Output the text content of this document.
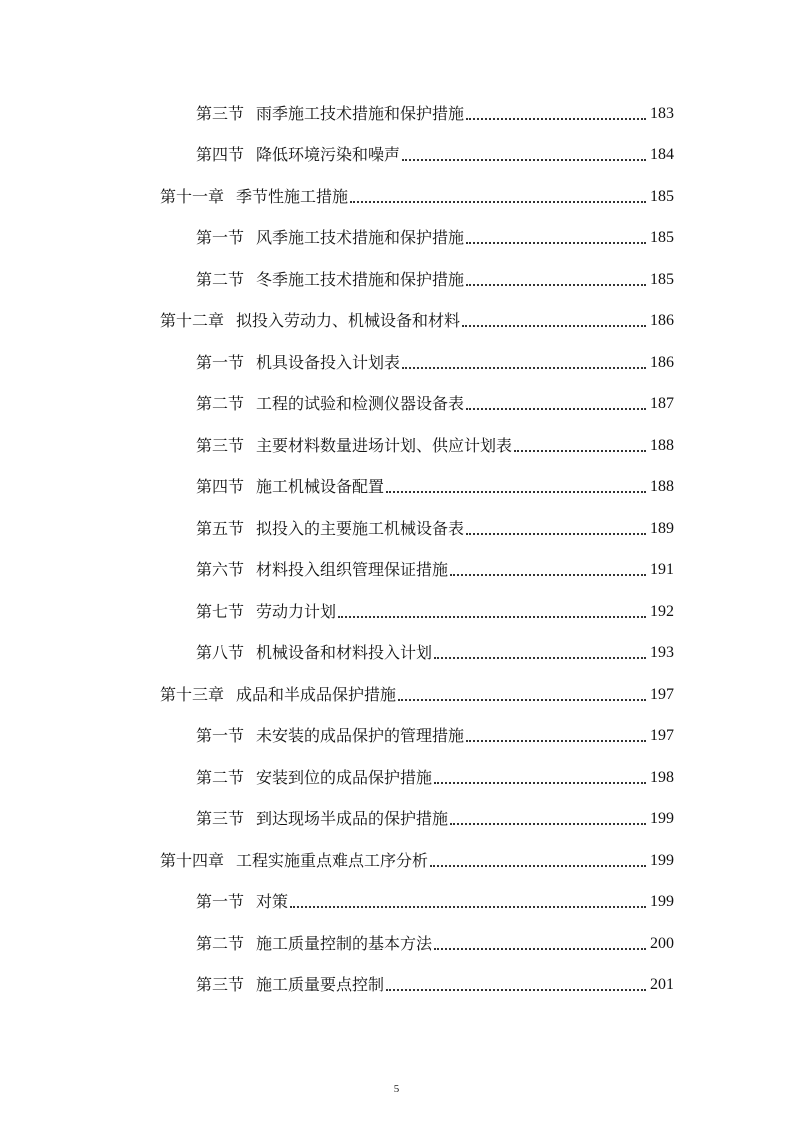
第三节 雨季施工技术措施和保护措施	183
第四节 降低环境污染和噪声	184
第十一章 季节性施工措施	185
第一节 风季施工技术措施和保护措施	185
第二节 冬季施工技术措施和保护措施	185
第十二章 拟投入劳动力、机械设备和材料	186
第一节 机具设备投入计划表	186
第二节 工程的试验和检测仪器设备表	187
第三节 主要材料数量进场计划、供应计划表	188
第四节 施工机械设备配置	188
第五节 拟投入的主要施工机械设备表	189
第六节 材料投入组织管理保证措施	191
第七节 劳动力计划	192
第八节 机械设备和材料投入计划	193
第十三章 成品和半成品保护措施	197
第一节 未安装的成品保护的管理措施	197
第二节 安装到位的成品保护措施	198
第三节 到达现场半成品的保护措施	199
第十四章 工程实施重点难点工序分析	199
第一节 对策	199
第二节 施工质量控制的基本方法	200
第三节 施工质量要点控制	201
5
